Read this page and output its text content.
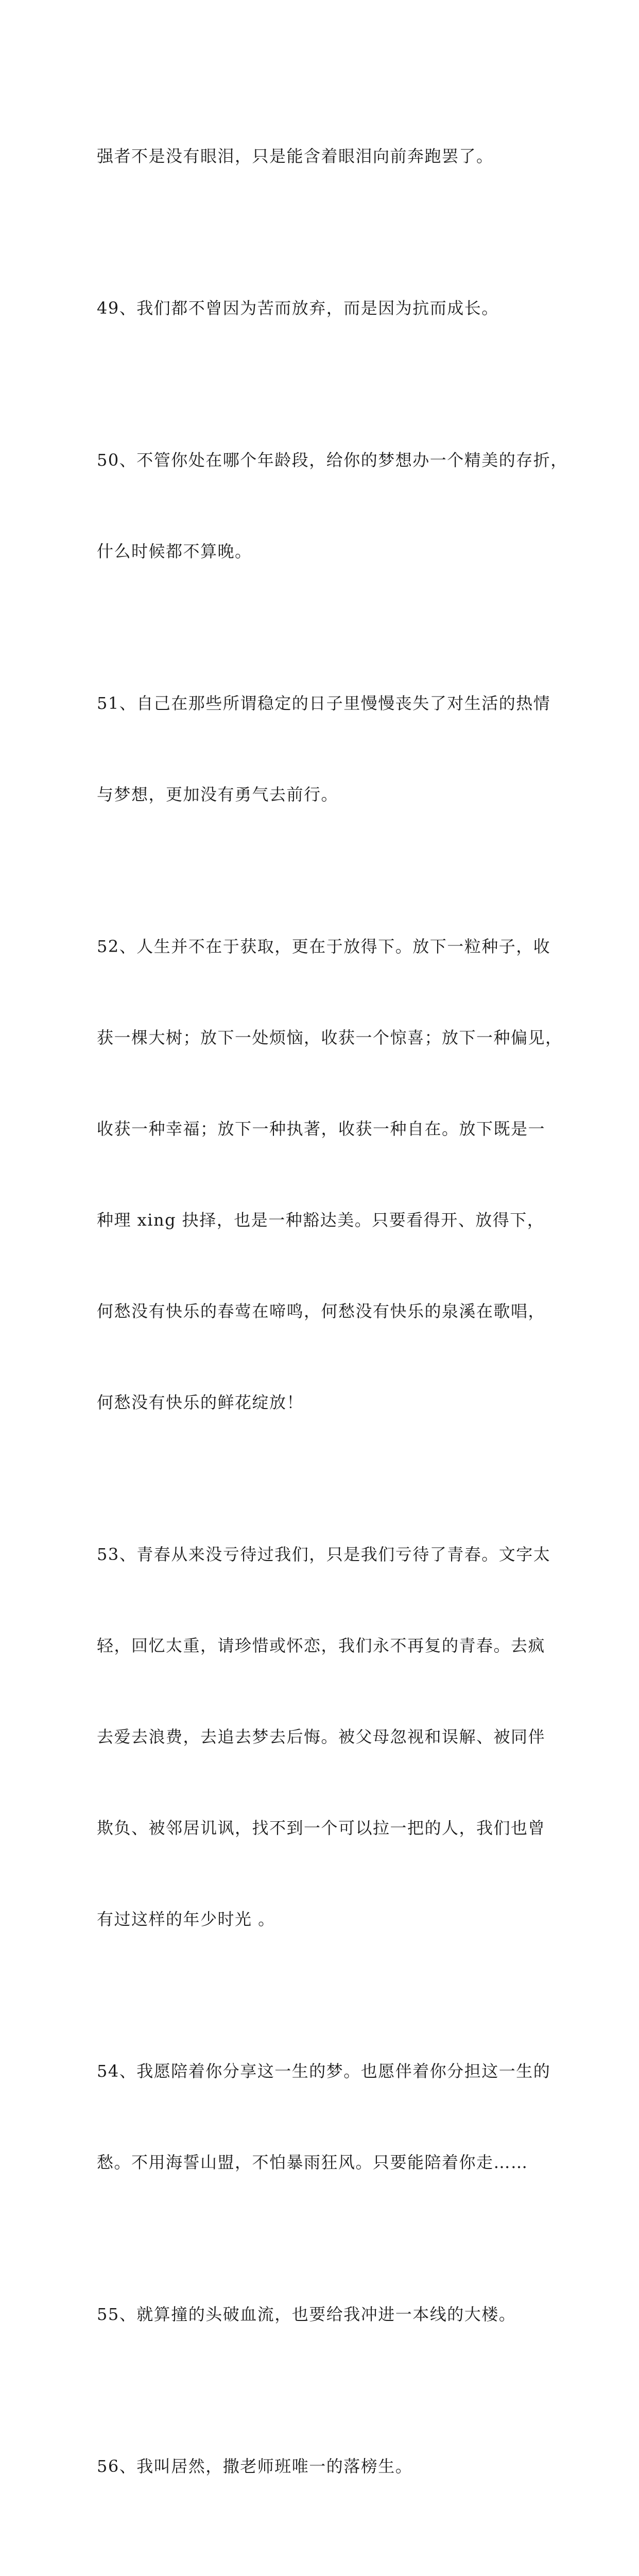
强者不是没有眼泪，只是能含着眼泪向前奔跑罢了。

49、我们都不曾因为苦而放弃，而是因为抗而成长。

50、不管你处在哪个年龄段，给你的梦想办一个精美的存折，

什么时候都不算晚。

51、自己在那些所谓稳定的日子里慢慢丧失了对生活的热情

与梦想，更加没有勇气去前行。

52、人生并不在于获取，更在于放得下。放下一粒种子，收

获一棵大树；放下一处烦恼，收获一个惊喜；放下一种偏见，

收获一种幸福；放下一种执著，收获一种自在。放下既是一

种理 xing 抉择，也是一种豁达美。只要看得开、放得下，

何愁没有快乐的春莺在啼鸣，何愁没有快乐的泉溪在歌唱，

何愁没有快乐的鲜花绽放！

53、青春从来没亏待过我们，只是我们亏待了青春。文字太

轻，回忆太重，请珍惜或怀恋，我们永不再复的青春。去疯

去爱去浪费，去追去梦去后悔。被父母忽视和误解、被同伴

欺负、被邻居讥讽，找不到一个可以拉一把的人，我们也曾

有过这样的年少时光 。

54、我愿陪着你分享这一生的梦。也愿伴着你分担这一生的

愁。不用海誓山盟，不怕暴雨狂风。只要能陪着你走……

55、就算撞的头破血流，也要给我冲进一本线的大楼。

56、我叫居然，撒老师班唯一的落榜生。
